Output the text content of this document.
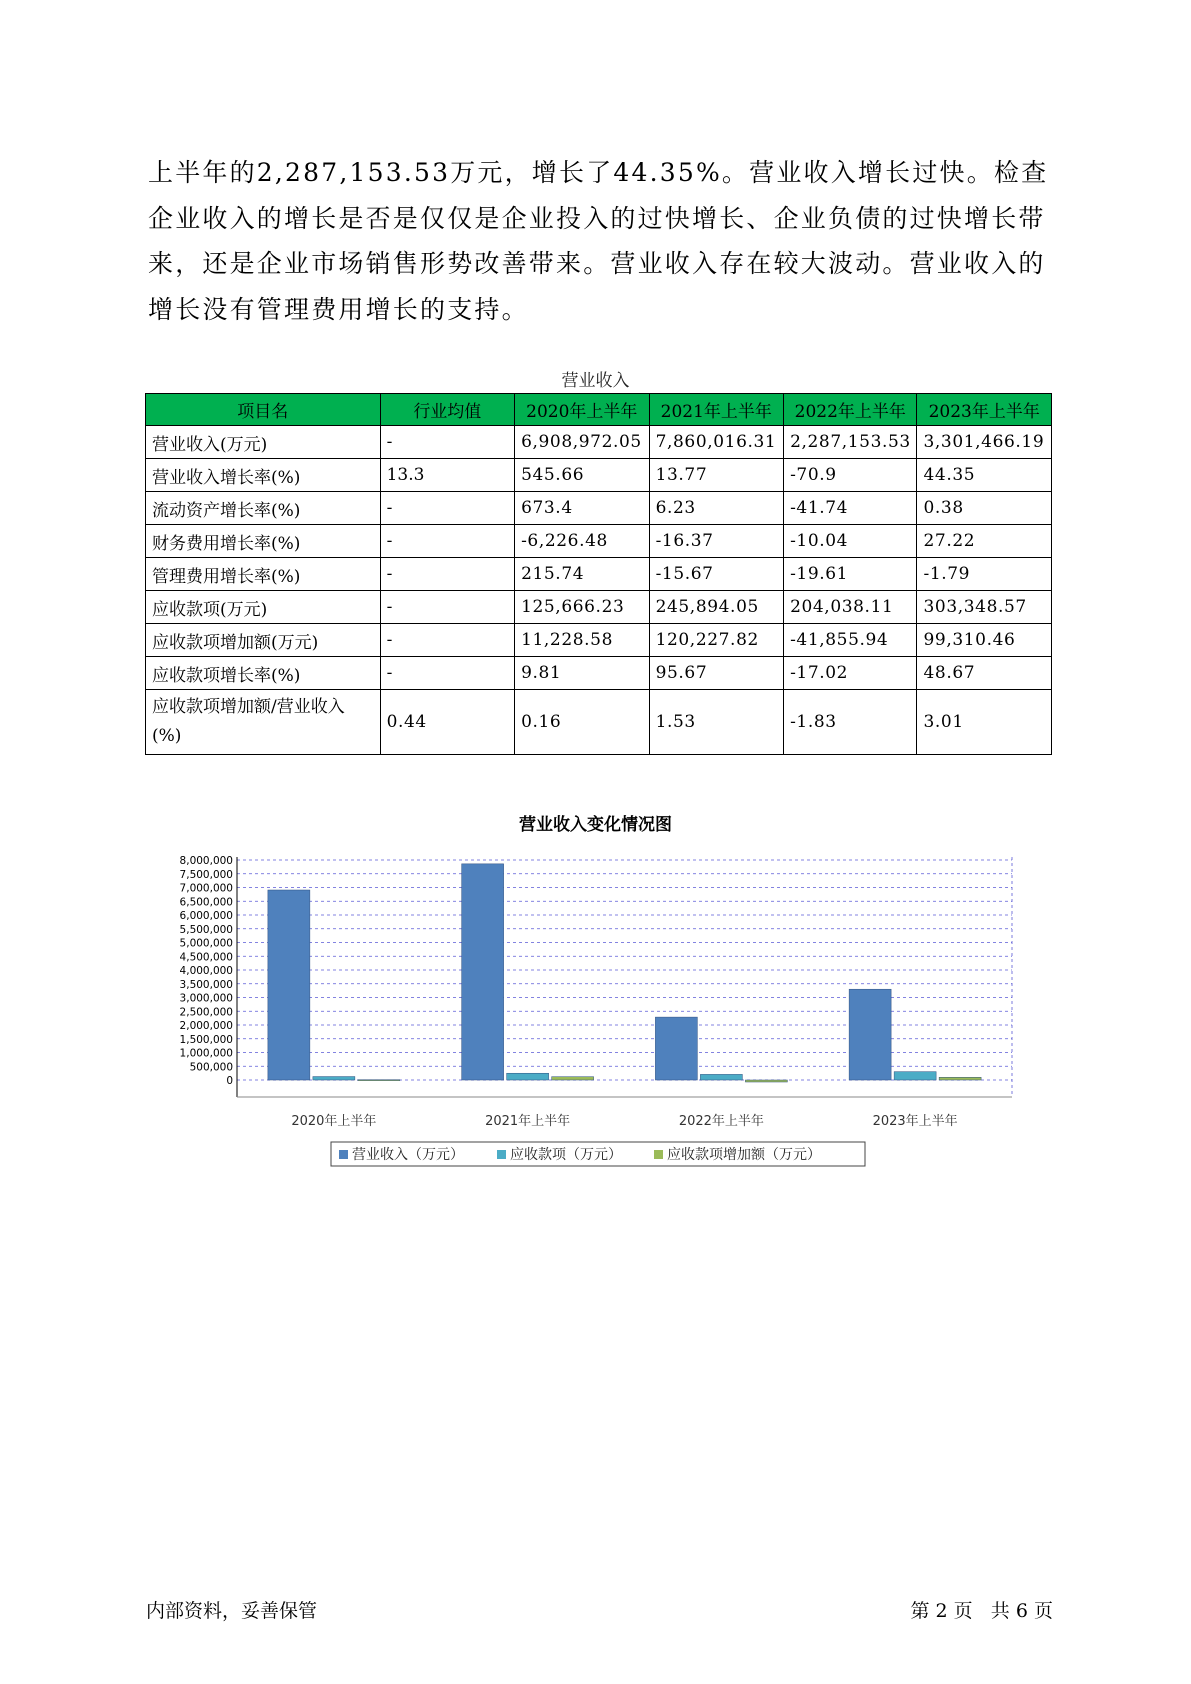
上半年的2,287,153.53万元，增长了44.35%。营业收入增长过快。检查企业收入的增长是否是仅仅是企业投入的过快增长、企业负债的过快增长带来，还是企业市场销售形势改善带来。营业收入存在较大波动。营业收入的增长没有管理费用增长的支持。

营业收入
项目名	行业均值	2020年上半年	2021年上半年	2022年上半年	2023年上半年
营业收入(万元)	-	6,908,972.05	7,860,016.31	2,287,153.53	3,301,466.19
营业收入增长率(%)	13.3	545.66	13.77	-70.9	44.35
流动资产增长率(%)	-	673.4	6.23	-41.74	0.38
财务费用增长率(%)	-	-6,226.48	-16.37	-10.04	27.22
管理费用增长率(%)	-	215.74	-15.67	-19.61	-1.79
应收款项(万元)	-	125,666.23	245,894.05	204,038.11	303,348.57
应收款项增加额(万元)	-	11,228.58	120,227.82	-41,855.94	99,310.46
应收款项增长率(%)	-	9.81	95.67	-17.02	48.67
应收款项增加额/营业收入(%)	0.44	0.16	1.53	-1.83	3.01
营业收入变化情况图
0
500,000
1,000,000
1,500,000
2,000,000
2,500,000
3,000,000
3,500,000
4,000,000
4,500,000
5,000,000
5,500,000
6,000,000
6,500,000
7,000,000
7,500,000
8,000,000
2020年上半年	2021年上半年	2022年上半年	2023年上半年
营业收入（万元）	应收款项（万元）	应收款项增加额（万元）
内部资料，妥善保管	第 2 页 共 6 页
